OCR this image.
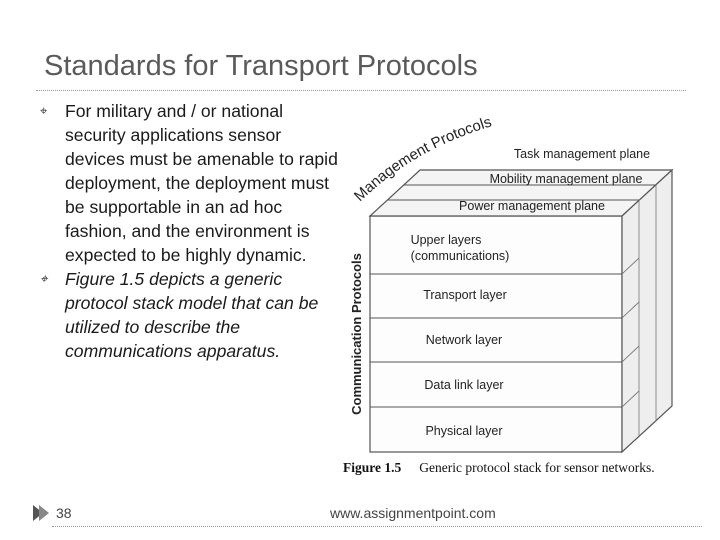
Standards for Transport Protocols
⌖ For military and / or national security applications sensor devices must be amenable to rapid deployment, the deployment must be supportable in an ad hoc fashion, and the environment is expected to be highly dynamic.
⌖ Figure 1.5 depicts a generic protocol stack model that can be utilized to describe the communications apparatus.
Task management plane
Mobility management plane
Power management plane
Upper layers
(communications)
Transport layer
Network layer
Data link layer
Physical layer
Communication Protocols
Management Protocols
Figure 1.5 Generic protocol stack for sensor networks.
38	www.assignmentpoint.com
